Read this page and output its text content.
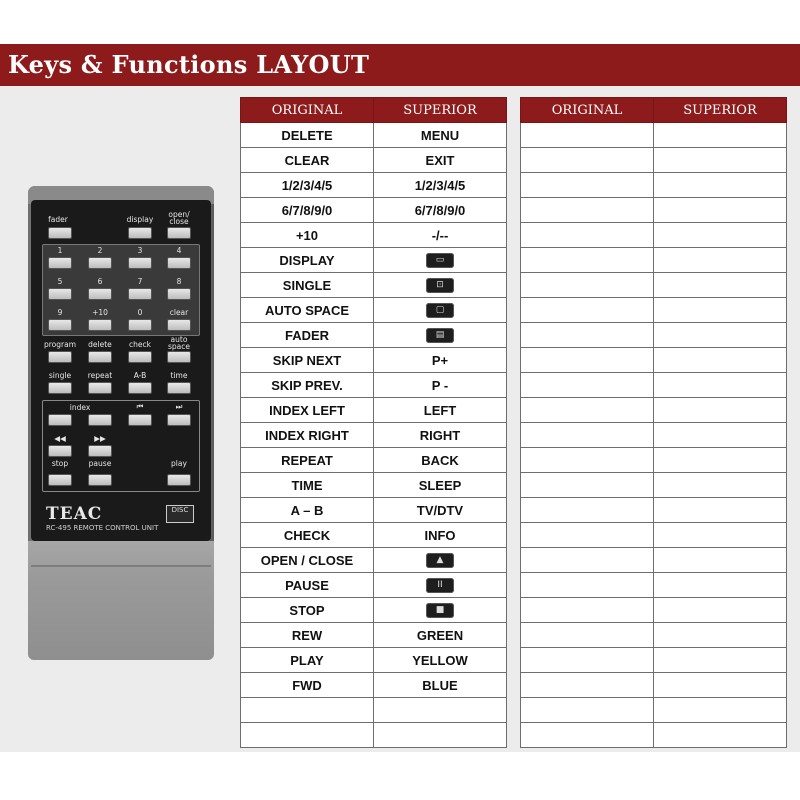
Keys & Functions LAYOUT
fader	display
open/ close
1	2	3	4
5	6	7	8
9	+10	0	clear
program	delete	check
auto space
single	repeat	A-B	time
index	⏮	⏭
◀◀	▶▶
stop	pause	play
TEAC
RC-495 REMOTE CONTROL UNIT
DISC
ORIGINAL	SUPERIOR
DELETE	MENU
CLEAR	EXIT
1/2/3/4/5	1/2/3/4/5
6/7/8/9/0	6/7/8/9/0
+10	-/--
DISPLAY	▭

SINGLE	⊡

AUTO SPACE	▢

FADER	▤

SKIP NEXT	P+
SKIP PREV.	P -
INDEX LEFT	LEFT
INDEX RIGHT	RIGHT
REPEAT	BACK
TIME	SLEEP
A – B	TV/DTV
CHECK	INFO
OPEN / CLOSE	▲

PAUSE	II

STOP	■

REW	GREEN
PLAY	YELLOW
FWD	BLUE

ORIGINAL	SUPERIOR
